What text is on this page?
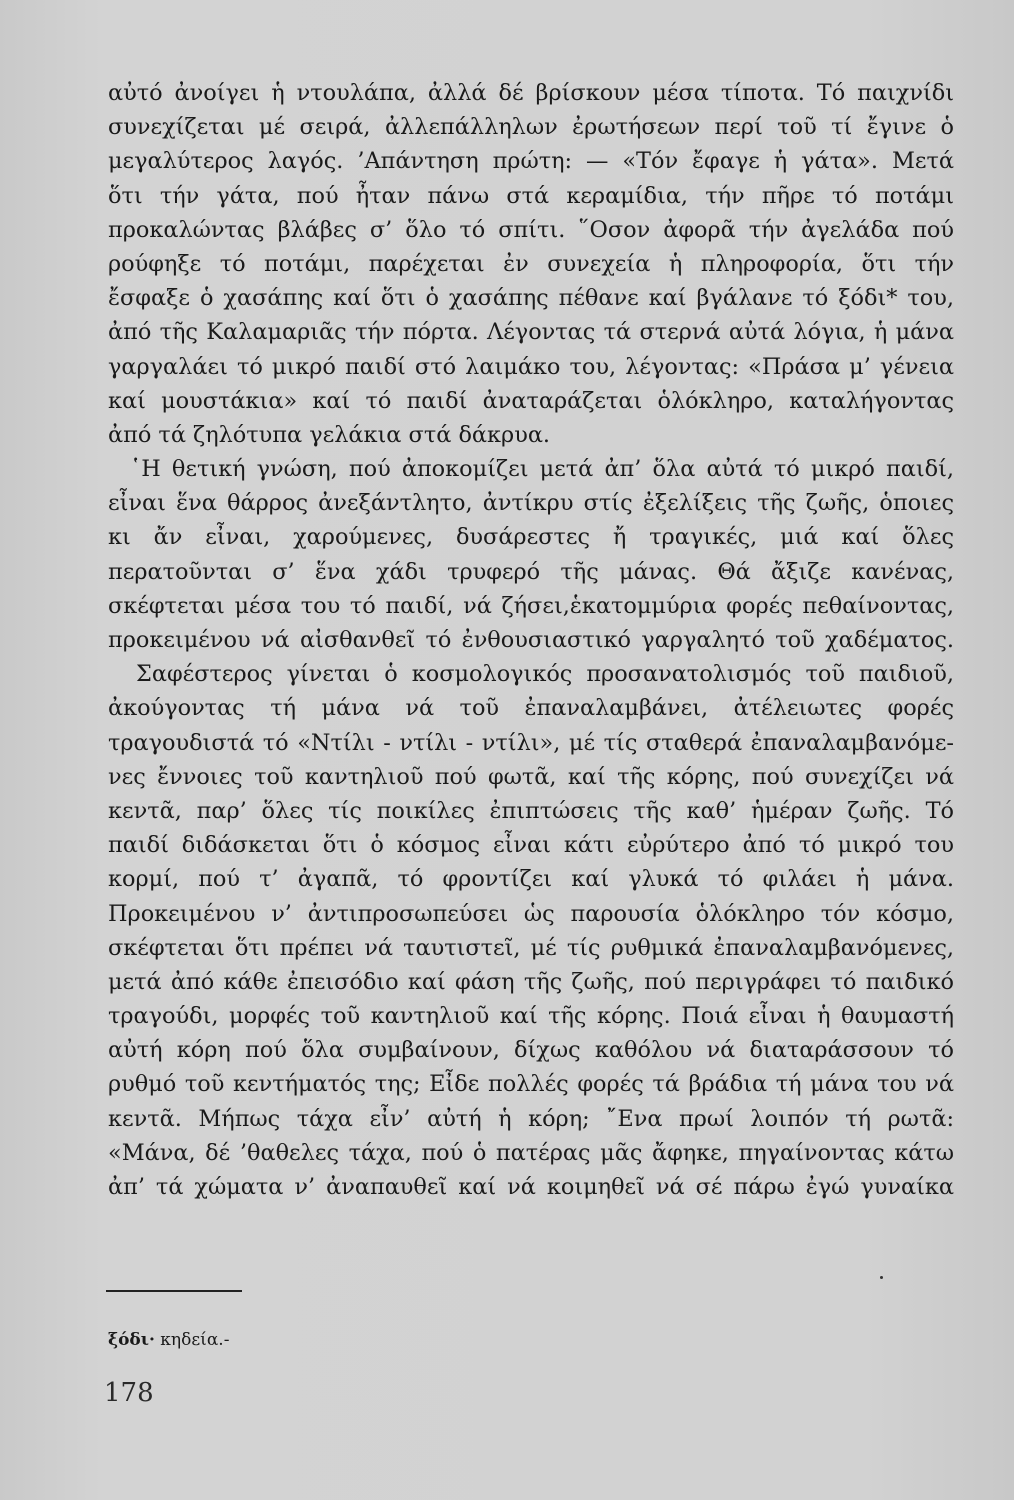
αὐτό ἀνοίγει ἡ ντουλάπα, ἀλλά δέ βρίσκουν μέσα τίποτα. Τό παιχνίδι
συνεχίζεται μέ σειρά, ἀλλεπάλληλων ἐρωτήσεων περί τοῦ τί ἔγινε ὁ
μεγαλύτερος λαγός. ’Απάντηση πρώτη: — «Τόν ἔφαγε ἡ γάτα». Μετά
ὅτι τήν γάτα, πού ἦταν πάνω στά κεραμίδια, τήν πῆρε τό ποτάμι
προκαλώντας βλάβες σ’ ὅλο τό σπίτι. ῞Οσον ἀφορᾶ τήν ἀγελάδα πού
ρούφηξε τό ποτάμι, παρέχεται ἐν συνεχεία ἡ πληροφορία, ὅτι τήν
ἔσφαξε ὁ χασάπης καί ὅτι ὁ χασάπης πέθανε καί βγάλανε τό ξόδι* του,
ἀπό τῆς Καλαμαριᾶς τήν πόρτα. Λέγοντας τά στερνά αὐτά λόγια, ἡ μάνα
γαργαλάει τό μικρό παιδί στό λαιμάκο του, λέγοντας: «Πράσα μ’ γένεια
καί μουστάκια» καί τό παιδί ἀναταράζεται ὁλόκληρο, καταλήγοντας
ἀπό τά ζηλότυπα γελάκια στά δάκρυα.
῾Η θετική γνώση, πού ἀποκομίζει μετά ἀπ’ ὅλα αὐτά τό μικρό παιδί,
εἶναι ἕνα θάρρος ἀνεξάντλητο, ἀντίκρυ στίς ἐξελίξεις τῆς ζωῆς, ὁποιες
κι ἄν εἶναι, χαρούμενες, δυσάρεστες ἤ τραγικές, μιά καί ὅλες
περατοῦνται σ’ ἕνα χάδι τρυφερό τῆς μάνας. Θά ἄξιζε κανένας,
σκέφτεται μέσα του τό παιδί, νά ζήσει,ἑκατομμύρια φορές πεθαίνοντας,
προκειμένου νά αἰσθανθεῖ τό ἐνθουσιαστικό γαργαλητό τοῦ χαδέματος.
Σαφέστερος γίνεται ὁ κοσμολογικός προσανατολισμός τοῦ παιδιοῦ,
ἀκούγοντας τή μάνα νά τοῦ ἐπαναλαμβάνει, ἀτέλειωτες φορές
τραγουδιστά τό «Ντίλι - ντίλι - ντίλι», μέ τίς σταθερά ἐπαναλαμβανόμε-
νες ἔννοιες τοῦ καντηλιοῦ πού φωτᾶ, καί τῆς κόρης, πού συνεχίζει νά
κεντᾶ, παρ’ ὅλες τίς ποικίλες ἐπιπτώσεις τῆς καθ’ ἡμέραν ζωῆς. Τό
παιδί διδάσκεται ὅτι ὁ κόσμος εἶναι κάτι εὐρύτερο ἀπό τό μικρό του
κορμί, πού τ’ ἀγαπᾶ, τό φροντίζει καί γλυκά τό φιλάει ἡ μάνα.
Προκειμένου ν’ ἀντιπροσωπεύσει ὡς παρουσία ὁλόκληρο τόν κόσμο,
σκέφτεται ὅτι πρέπει νά ταυτιστεῖ, μέ τίς ρυθμικά ἐπαναλαμβανόμενες,
μετά ἀπό κάθε ἐπεισόδιο καί φάση τῆς ζωῆς, πού περιγράφει τό παιδικό
τραγούδι, μορφές τοῦ καντηλιοῦ καί τῆς κόρης. Ποιά εἶναι ἡ θαυμαστή
αὐτή κόρη πού ὅλα συμβαίνουν, δίχως καθόλου νά διαταράσσουν τό
ρυθμό τοῦ κεντήματός της; Εἶδε πολλές φορές τά βράδια τή μάνα του νά
κεντᾶ. Μήπως τάχα εἶν’ αὐτή ἡ κόρη; ῎Ενα πρωί λοιπόν τή ρωτᾶ:
«Μάνα, δέ ’θαθελες τάχα, πού ὁ πατέρας μᾶς ἄφηκε, πηγαίνοντας κάτω
ἀπ’ τά χώματα ν’ ἀναπαυθεῖ καί νά κοιμηθεῖ νά σέ πάρω ἐγώ γυναίκα
ξόδι· κηδεία.-
178
